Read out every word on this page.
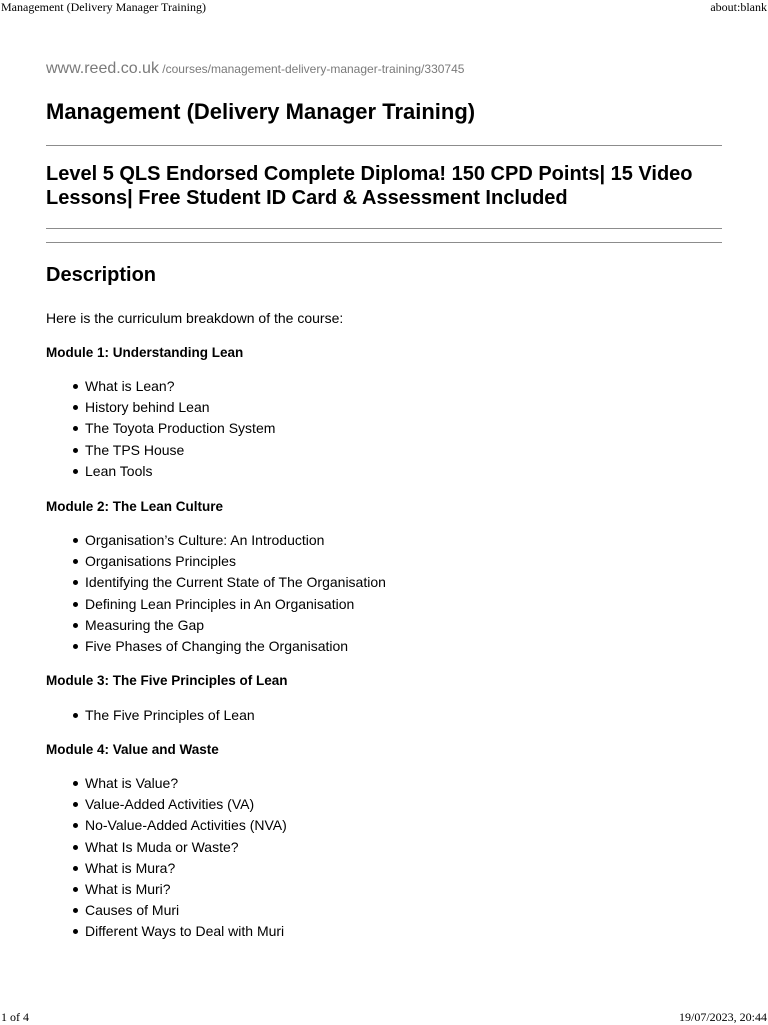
Management (Delivery Manager Training)	about:blank
www.reed.co.uk /courses/management-delivery-manager-training/330745
Management (Delivery Manager Training)
Level 5 QLS Endorsed Complete Diploma! 150 CPD Points| 15 Video Lessons| Free Student ID Card & Assessment Included
Description

Here is the curriculum breakdown of the course:

Module 1: Understanding Lean
What is Lean?
History behind Lean
The Toyota Production System
The TPS House
Lean Tools
Module 2: The Lean Culture
Organisation’s Culture: An Introduction
Organisations Principles
Identifying the Current State of The Organisation
Defining Lean Principles in An Organisation
Measuring the Gap
Five Phases of Changing the Organisation
Module 3: The Five Principles of Lean
The Five Principles of Lean
Module 4: Value and Waste
What is Value?
Value-Added Activities (VA)
No-Value-Added Activities (NVA)
What Is Muda or Waste?
What is Mura?
What is Muri?
Causes of Muri
Different Ways to Deal with Muri
1 of 4	19/07/2023, 20:44
